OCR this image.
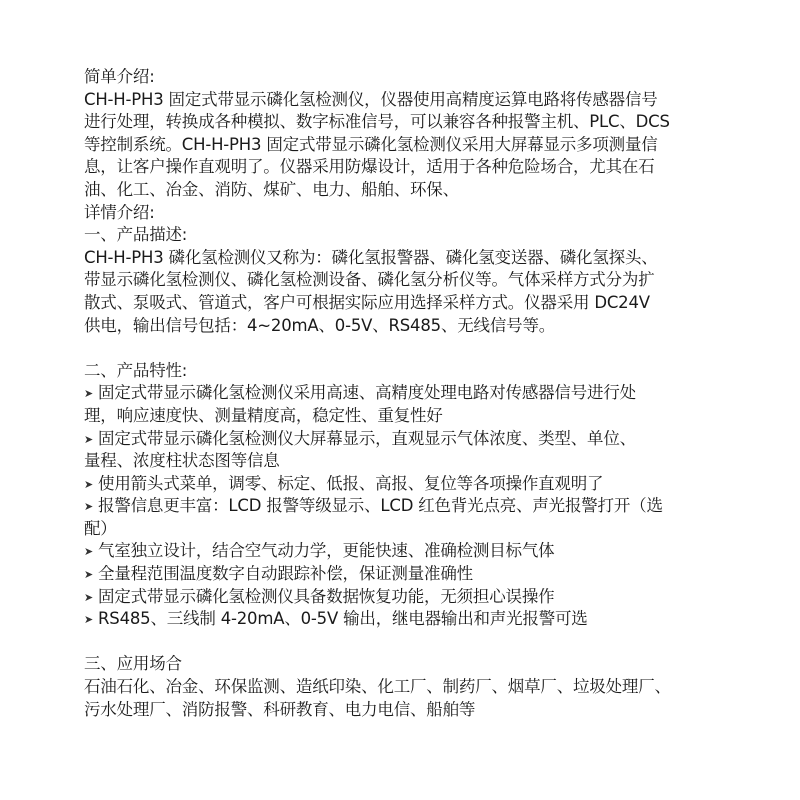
简单介绍:
CH-H-PH3 固定式带显示磷化氢检测仪，仪器使用高精度运算电路将传感器信号
进行处理，转换成各种模拟、数字标准信号，可以兼容各种报警主机、PLC、DCS
等控制系统。CH-H-PH3 固定式带显示磷化氢检测仪采用大屏幕显示多项测量信
息，让客户操作直观明了。仪器采用防爆设计，适用于各种危险场合，尤其在石
油、化工、冶金、消防、煤矿、电力、船舶、环保、
详情介绍:
一、产品描述:
CH-H-PH3 磷化氢检测仪又称为：磷化氢报警器、磷化氢变送器、磷化氢探头、
带显示磷化氢检测仪、磷化氢检测设备、磷化氢分析仪等。气体采样方式分为扩
散式、泵吸式、管道式，客户可根据实际应用选择采样方式。仪器采用 DC24V
供电，输出信号包括：4~20mA、0-5V、RS485、无线信号等。
二、产品特性:
➤ 固定式带显示磷化氢检测仪采用高速、高精度处理电路对传感器信号进行处
理，响应速度快、测量精度高，稳定性、重复性好
➤ 固定式带显示磷化氢检测仪大屏幕显示，直观显示气体浓度、类型、单位、
量程、浓度柱状态图等信息
➤ 使用箭头式菜单，调零、标定、低报、高报、复位等各项操作直观明了
➤ 报警信息更丰富：LCD 报警等级显示、LCD 红色背光点亮、声光报警打开（选
配）
➤ 气室独立设计，结合空气动力学，更能快速、准确检测目标气体
➤ 全量程范围温度数字自动跟踪补偿，保证测量准确性
➤ 固定式带显示磷化氢检测仪具备数据恢复功能，无须担心误操作
➤ RS485、三线制 4-20mA、0-5V 输出，继电器输出和声光报警可选
三、应用场合
石油石化、冶金、环保监测、造纸印染、化工厂、制药厂、烟草厂、垃圾处理厂、
污水处理厂、消防报警、科研教育、电力电信、船舶等
